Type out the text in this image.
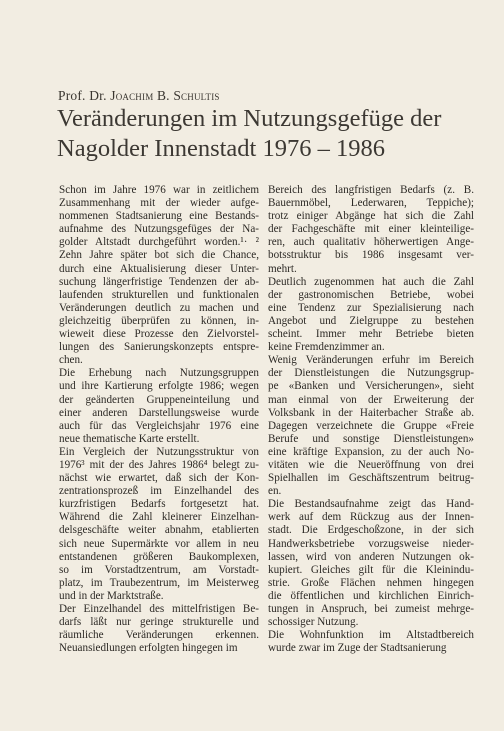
Prof. Dr. Joachim B. Schultis
Veränderungen im Nutzungsgefüge der
Nagolder Innenstadt 1976 – 1986

Schon im Jahre 1976 war in zeitlichem
Zusammenhang mit der wieder aufge-
nommenen Stadtsanierung eine Bestands-
aufnahme des Nutzungsgefüges der Na-
golder Altstadt durchgeführt worden.¹· ²
Zehn Jahre später bot sich die Chance,
durch eine Aktualisierung dieser Unter-
suchung längerfristige Tendenzen der ab-
laufenden strukturellen und funktionalen
Veränderungen deutlich zu machen und
gleichzeitig überprüfen zu können, in-
wieweit diese Prozesse den Zielvorstel-
lungen des Sanierungskonzepts entspre-
chen.

Die Erhebung nach Nutzungsgruppen
und ihre Kartierung erfolgte 1986; wegen
der geänderten Gruppeneinteilung und
einer anderen Darstellungsweise wurde
auch für das Vergleichsjahr 1976 eine
neue thematische Karte erstellt.

Ein Vergleich der Nutzungsstruktur von
1976³ mit der des Jahres 1986⁴ belegt zu-
nächst wie erwartet, daß sich der Kon-
zentrationsprozeß im Einzelhandel des
kurzfristigen Bedarfs fortgesetzt hat.
Während die Zahl kleinerer Einzelhan-
delsgeschäfte weiter abnahm, etablierten
sich neue Supermärkte vor allem in neu
entstandenen größeren Baukomplexen,
so im Vorstadtzentrum, am Vorstadt-
platz, im Traubezentrum, im Meisterweg
und in der Marktstraße.

Der Einzelhandel des mittelfristigen Be-
darfs läßt nur geringe strukturelle und
räumliche Veränderungen erkennen.
Neuansiedlungen erfolgten hingegen im

Bereich des langfristigen Bedarfs (z. B.
Bauernmöbel, Lederwaren, Teppiche);
trotz einiger Abgänge hat sich die Zahl
der Fachgeschäfte mit einer kleinteilige-
ren, auch qualitativ höherwertigen Ange-
botsstruktur bis 1986 insgesamt ver-
mehrt.

Deutlich zugenommen hat auch die Zahl
der gastronomischen Betriebe, wobei
eine Tendenz zur Spezialisierung nach
Angebot und Zielgruppe zu bestehen
scheint. Immer mehr Betriebe bieten
keine Fremdenzimmer an.

Wenig Veränderungen erfuhr im Bereich
der Dienstleistungen die Nutzungsgrup-
pe «Banken und Versicherungen», sieht
man einmal von der Erweiterung der
Volksbank in der Haiterbacher Straße ab.
Dagegen verzeichnete die Gruppe «Freie
Berufe und sonstige Dienstleistungen»
eine kräftige Expansion, zu der auch No-
vitäten wie die Neueröffnung von drei
Spielhallen im Geschäftszentrum beitrug-
en.

Die Bestandsaufnahme zeigt das Hand-
werk auf dem Rückzug aus der Innen-
stadt. Die Erdgeschoßzone, in der sich
Handwerksbetriebe vorzugsweise nieder-
lassen, wird von anderen Nutzungen ok-
kupiert. Gleiches gilt für die Kleinindu-
strie. Große Flächen nehmen hingegen
die öffentlichen und kirchlichen Einrich-
tungen in Anspruch, bei zumeist mehrge-
schossiger Nutzung.

Die Wohnfunktion im Altstadtbereich
wurde zwar im Zuge der Stadtsanierung
